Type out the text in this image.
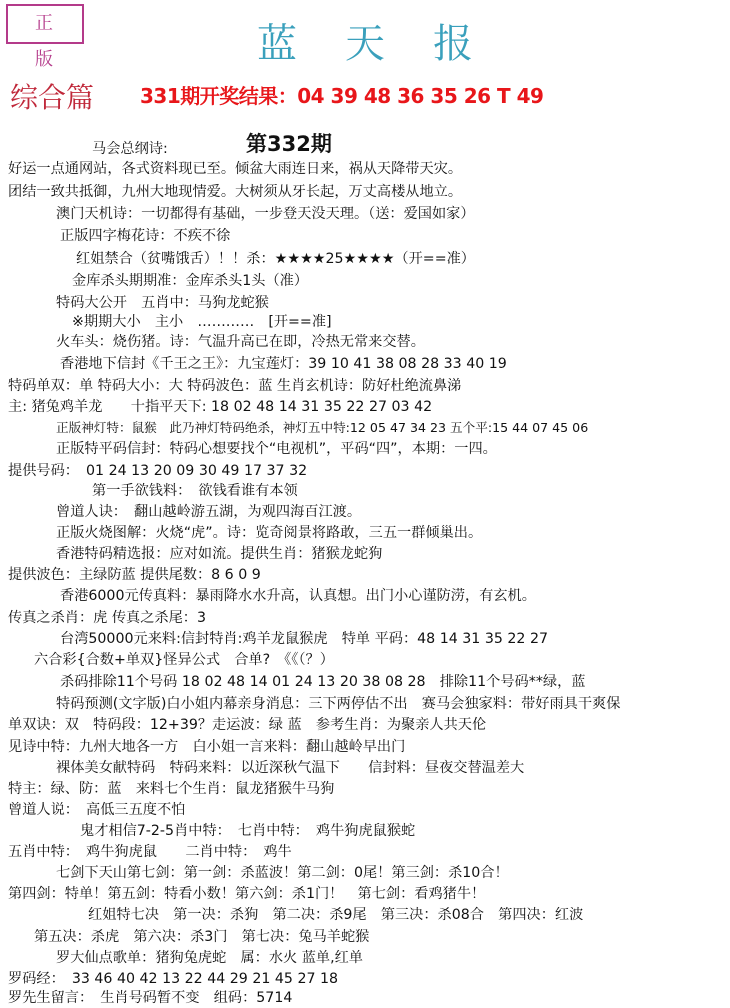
正 版	蓝天报
综合篇 331期开奖结果：04 39 48 36 35 26 T 49
第332期
马会总纲诗:
好运一点通网站，各式资料现已至。倾盆大雨连日来，祸从天降带天灾。
团结一致共抵御，九州大地现情爱。大树须从牙长起，万丈高楼从地立。
澳门天机诗：一切都得有基础，一步登天没天理。（送：爱国如家）
正版四字梅花诗：不疾不徐
红姐禁合（贫嘴饿舌）！！杀：★★★★25★★★★（开==准）
金库杀头期期准：金库杀头1头（准）
特码大公开　五肖中：马狗龙蛇猴
※期期大小　主小　…………　[开==准]
火车头：烧伤猪。诗：气温升高已在即，冷热无常来交替。
香港地下信封《千王之王》：九宝莲灯：39 10 41 38 08 28 33 40 19
特码单双：单 特码大小：大 特码波色：蓝 生肖玄机诗：防好杜绝流鼻涕
主: 猪兔鸡羊龙　　十指平天下: 18 02 48 14 31 35 22 27 03 42
正版神灯特：鼠猴　此乃神灯特码绝杀，神灯五中特:12 05 47 34 23 五个平:15 44 07 45 06
正版特平码信封：特码心想要找个“电视机”，平码“四”，本期：一四。
提供号码：　01 24 13 20 09 30 49 17 37 32
第一手欲钱料：　欲钱看谁有本领
曾道人诀：　翻山越岭游五湖，为观四海百江渡。
正版火烧图解：火烧“虎”。诗：览奇阅景将路敢，三五一群倾巢出。
香港特码精选报：应对如流。提供生肖：猪猴龙蛇狗
提供波色：主绿防蓝 提供尾数：8 6 0 9
香港6000元传真料：暴雨降水水升高，认真想。出门小心谨防涝，有玄机。
传真之杀肖：虎 传真之杀尾：3
台湾50000元来料:信封特肖:鸡羊龙鼠猴虎　特单 平码：48 14 31 35 22 27
六合彩{合数+单双}怪异公式　合单?　《《（？）
杀码排除11个号码 18 02 48 14 01 24 13 20 38 08 28　排除11个号码**绿，蓝
特码预测(文字版)白小姐内幕亲身消息：三下两停估不出　赛马会独家料：带好雨具干爽保
单双诀：双　特码段：12+39？走运波：绿 蓝　参考生肖：为聚亲人共天伦
见诗中特：九州大地各一方　白小姐一言来料：翻山越岭早出门
裸体美女献特码　特码来料：以近深秋气温下　　信封料：昼夜交替温差大
特主：绿、防：蓝　来料七个生肖：鼠龙猪猴牛马狗
曾道人说：　高低三五度不怕
鬼才相信7-2-5肖中特：　七肖中特：　鸡牛狗虎鼠猴蛇
五肖中特：　鸡牛狗虎鼠　　二肖中特：　鸡牛
七剑下天山第七剑：第一剑：杀蓝波！第二剑：0尾！第三剑：杀10合！
第四剑：特单！第五剑：特看小数！第六剑：杀1门！　第七剑：看鸡猪牛！
红姐特七决　第一决：杀狗　第二决：杀9尾　第三决：杀08合　第四决：红波
第五决：杀虎　第六决：杀3门　第七决：兔马羊蛇猴
罗大仙点歌单：猪狗兔虎蛇　属：水火 蓝单,红单
罗码经：　33 46 40 42 13 22 44 29 21 45 27 18
罗先生留言：　生肖号码暂不变　组码：5714
